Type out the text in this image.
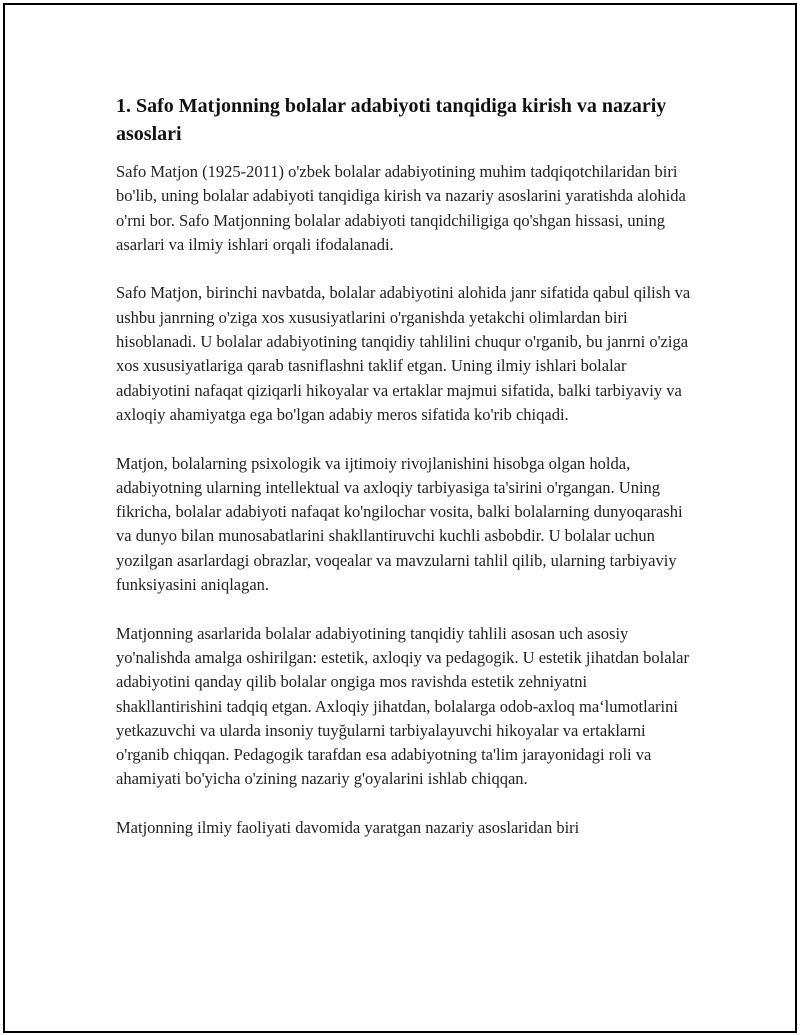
1. Safo Matjonning bolalar adabiyoti tanqidiga kirish va nazariy asoslari

Safo Matjon (1925-2011) o'zbek bolalar adabiyotining muhim tadqiqotchilaridan biri bo'lib, uning bolalar adabiyoti tanqidiga kirish va nazariy asoslarini yaratishda alohida o'rni bor. Safo Matjonning bolalar adabiyoti tanqidchiligiga qo'shgan hissasi, uning asarlari va ilmiy ishlari orqali ifodalanadi.

Safo Matjon, birinchi navbatda, bolalar adabiyotini alohida janr sifatida qabul qilish va ushbu janrning o'ziga xos xususiyatlarini o'rganishda yetakchi olimlardan biri hisoblanadi. U bolalar adabiyotining tanqidiy tahlilini chuqur o'rganib, bu janrni o'ziga xos xususiyatlariga qarab tasniflashni taklif etgan. Uning ilmiy ishlari bolalar adabiyotini nafaqat qiziqarli hikoyalar va ertaklar majmui sifatida, balki tarbiyaviy va axloqiy ahamiyatga ega bo'lgan adabiy meros sifatida ko'rib chiqadi.

Matjon, bolalarning psixologik va ijtimoiy rivojlanishini hisobga olgan holda, adabiyotning ularning intellektual va axloqiy tarbiyasiga ta'sirini o'rgangan. Uning fikricha, bolalar adabiyoti nafaqat ko'ngilochar vosita, balki bolalarning dunyoqarashi va dunyo bilan munosabatlarini shakllantiruvchi kuchli asbobdir. U bolalar uchun yozilgan asarlardagi obrazlar, voqealar va mavzularni tahlil qilib, ularning tarbiyaviy funksiyasini aniqlagan.

Matjonning asarlarida bolalar adabiyotining tanqidiy tahlili asosan uch asosiy yo'nalishda amalga oshirilgan: estetik, axloqiy va pedagogik. U estetik jihatdan bolalar adabiyotini qanday qilib bolalar ongiga mos ravishda estetik zehniyatni shakllantirishini tadqiq etgan. Axloqiy jihatdan, bolalarga odob-axloq ma‘lumotlarini yetkazuvchi va ularda insoniy tuyğularni tarbiyalayuvchi hikoyalar va ertaklarni o'rganib chiqqan. Pedagogik tarafdan esa adabiyotning ta'lim jarayonidagi roli va ahamiyati bo'yicha o'zining nazariy g'oyalarini ishlab chiqqan.

Matjonning ilmiy faoliyati davomida yaratgan nazariy asoslaridan biri
